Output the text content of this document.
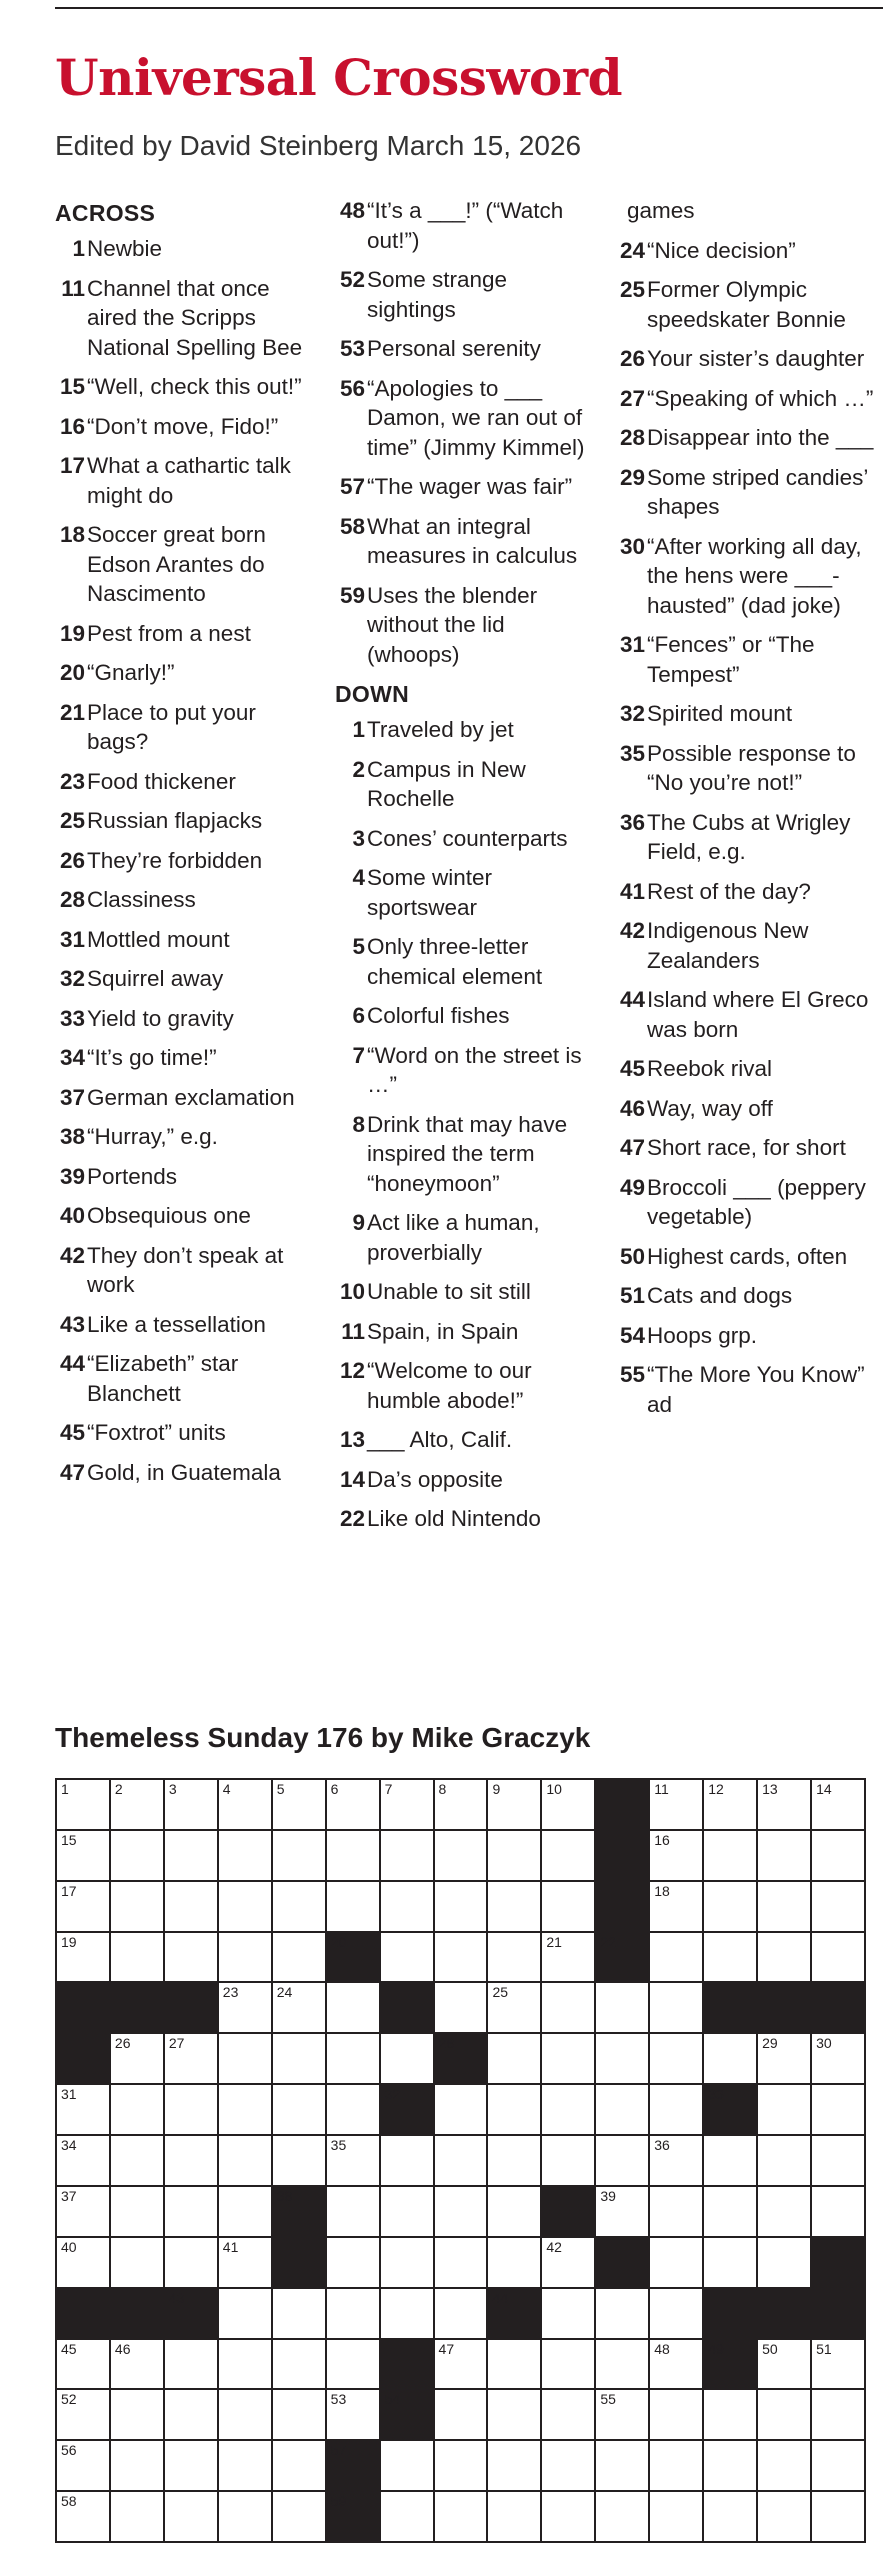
Universal Crossword
Edited by David Steinberg March 15, 2026
ACROSS
1 Newbie
11 Channel that once aired the Scripps National Spelling Bee
15 “Well, check this out!”
16 “Don’t move, Fido!”
17 What a cathartic talk might do
18 Soccer great born Edson Arantes do Nascimento
19 Pest from a nest
20 “Gnarly!”
21 Place to put your bags?
23 Food thickener
25 Russian flapjacks
26 They’re forbidden
28 Classiness
31 Mottled mount
32 Squirrel away
33 Yield to gravity
34 “It’s go time!”
37 German exclamation
38 “Hurray,” e.g.
39 Portends
40 Obsequious one
42 They don’t speak at work
43 Like a tessellation
44 “Elizabeth” star Blanchett
45 “Foxtrot” units
47 Gold, in Guatemala
48 “It’s a ___!” (“Watch out!”)
52 Some strange sightings
53 Personal serenity
56 “Apologies to ___ Damon, we ran out of time” (Jimmy Kimmel)
57 “The wager was fair”
58 What an integral measures in calculus
59 Uses the blender without the lid (whoops)
DOWN
1 Traveled by jet
2 Campus in New Rochelle
3 Cones’ counterparts
4 Some winter sportswear
5 Only three-letter chemical element
6 Colorful fishes
7 “Word on the street is …”
8 Drink that may have inspired the term “honeymoon”
9 Act like a human, proverbially
10 Unable to sit still
11 Spain, in Spain
12 “Welcome to our humble abode!”
13 ___ Alto, Calif.
14 Da’s opposite
22 Like old Nintendo
games
24 “Nice decision”
25 Former Olympic speedskater Bonnie
26 Your sister’s daughter
27 “Speaking of which …”
28 Disappear into the ___
29 Some striped candies’ shapes
30 “After working all day, the hens were ___-hausted” (dad joke)
31 “Fences” or “The Tempest”
32 Spirited mount
35 Possible response to “No you’re not!”
36 The Cubs at Wrigley Field, e.g.
41 Rest of the day?
42 Indigenous New Zealanders
44 Island where El Greco was born
45 Reebok rival
46 Way, way off
47 Short race, for short
49 Broccoli ___ (peppery vegetable)
50 Highest cards, often
51 Cats and dogs
54 Hoops grp.
55 “The More You Know” ad
Themeless Sunday 176 by Mike Graczyk
1	2	3	4	5	6	7	8	9	10	11	12	13	14
15	16
17	18
19	20	21	22
23	24	25
26	27	28	29	30
31	32	33
34	35	36
37	38	39
40	41	42
43	44
45	46	47	48	49	50	51
52	53	54	55
56	57
58	59
